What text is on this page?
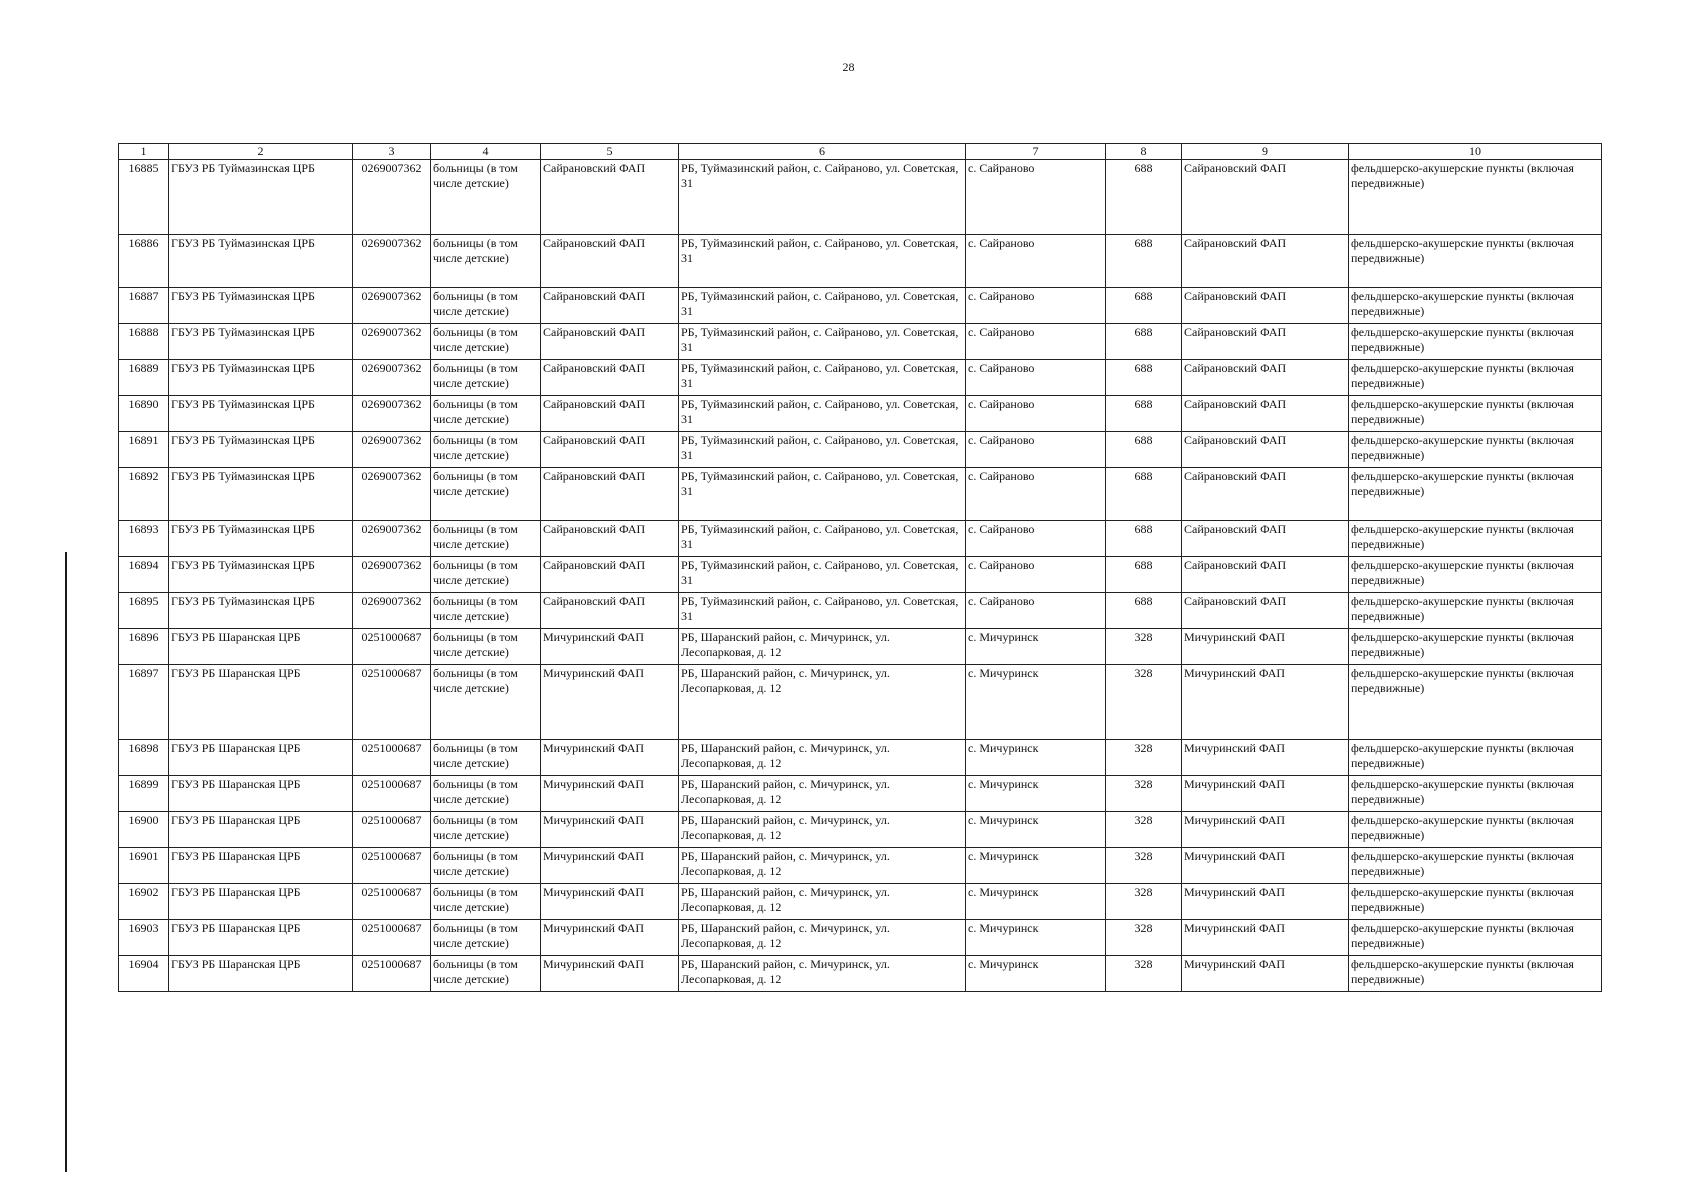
28
1	2	3	4	5	6	7	8	9	10
16885	ГБУЗ РБ Туймазинская ЦРБ	0269007362	больницы (в том числе детские)	Сайрановский ФАП	РБ, Туймазинский район, с. Сайраново, ул. Советская, 31	с. Сайраново	688	Сайрановский ФАП	фельдшерско-акушерские пункты (включая передвижные)
16886	ГБУЗ РБ Туймазинская ЦРБ	0269007362	больницы (в том числе детские)	Сайрановский ФАП	РБ, Туймазинский район, с. Сайраново, ул. Советская, 31	с. Сайраново	688	Сайрановский ФАП	фельдшерско-акушерские пункты (включая передвижные)
16887	ГБУЗ РБ Туймазинская ЦРБ	0269007362	больницы (в том числе детские)	Сайрановский ФАП	РБ, Туймазинский район, с. Сайраново, ул. Советская, 31	с. Сайраново	688	Сайрановский ФАП	фельдшерско-акушерские пункты (включая передвижные)
16888	ГБУЗ РБ Туймазинская ЦРБ	0269007362	больницы (в том числе детские)	Сайрановский ФАП	РБ, Туймазинский район, с. Сайраново, ул. Советская, 31	с. Сайраново	688	Сайрановский ФАП	фельдшерско-акушерские пункты (включая передвижные)
16889	ГБУЗ РБ Туймазинская ЦРБ	0269007362	больницы (в том числе детские)	Сайрановский ФАП	РБ, Туймазинский район, с. Сайраново, ул. Советская, 31	с. Сайраново	688	Сайрановский ФАП	фельдшерско-акушерские пункты (включая передвижные)
16890	ГБУЗ РБ Туймазинская ЦРБ	0269007362	больницы (в том числе детские)	Сайрановский ФАП	РБ, Туймазинский район, с. Сайраново, ул. Советская, 31	с. Сайраново	688	Сайрановский ФАП	фельдшерско-акушерские пункты (включая передвижные)
16891	ГБУЗ РБ Туймазинская ЦРБ	0269007362	больницы (в том числе детские)	Сайрановский ФАП	РБ, Туймазинский район, с. Сайраново, ул. Советская, 31	с. Сайраново	688	Сайрановский ФАП	фельдшерско-акушерские пункты (включая передвижные)
16892	ГБУЗ РБ Туймазинская ЦРБ	0269007362	больницы (в том числе детские)	Сайрановский ФАП	РБ, Туймазинский район, с. Сайраново, ул. Советская, 31	с. Сайраново	688	Сайрановский ФАП	фельдшерско-акушерские пункты (включая передвижные)
16893	ГБУЗ РБ Туймазинская ЦРБ	0269007362	больницы (в том числе детские)	Сайрановский ФАП	РБ, Туймазинский район, с. Сайраново, ул. Советская, 31	с. Сайраново	688	Сайрановский ФАП	фельдшерско-акушерские пункты (включая передвижные)
16894	ГБУЗ РБ Туймазинская ЦРБ	0269007362	больницы (в том числе детские)	Сайрановский ФАП	РБ, Туймазинский район, с. Сайраново, ул. Советская, 31	с. Сайраново	688	Сайрановский ФАП	фельдшерско-акушерские пункты (включая передвижные)
16895	ГБУЗ РБ Туймазинская ЦРБ	0269007362	больницы (в том числе детские)	Сайрановский ФАП	РБ, Туймазинский район, с. Сайраново, ул. Советская, 31	с. Сайраново	688	Сайрановский ФАП	фельдшерско-акушерские пункты (включая передвижные)
16896	ГБУЗ РБ Шаранская ЦРБ	0251000687	больницы (в том числе детские)	Мичуринский ФАП	РБ, Шаранский район, с. Мичуринск, ул. Лесопарковая, д. 12	с. Мичуринск	328	Мичуринский ФАП	фельдшерско-акушерские пункты (включая передвижные)
16897	ГБУЗ РБ Шаранская ЦРБ	0251000687	больницы (в том числе детские)	Мичуринский ФАП	РБ, Шаранский район, с. Мичуринск, ул. Лесопарковая, д. 12	с. Мичуринск	328	Мичуринский ФАП	фельдшерско-акушерские пункты (включая передвижные)
16898	ГБУЗ РБ Шаранская ЦРБ	0251000687	больницы (в том числе детские)	Мичуринский ФАП	РБ, Шаранский район, с. Мичуринск, ул. Лесопарковая, д. 12	с. Мичуринск	328	Мичуринский ФАП	фельдшерско-акушерские пункты (включая передвижные)
16899	ГБУЗ РБ Шаранская ЦРБ	0251000687	больницы (в том числе детские)	Мичуринский ФАП	РБ, Шаранский район, с. Мичуринск, ул. Лесопарковая, д. 12	с. Мичуринск	328	Мичуринский ФАП	фельдшерско-акушерские пункты (включая передвижные)
16900	ГБУЗ РБ Шаранская ЦРБ	0251000687	больницы (в том числе детские)	Мичуринский ФАП	РБ, Шаранский район, с. Мичуринск, ул. Лесопарковая, д. 12	с. Мичуринск	328	Мичуринский ФАП	фельдшерско-акушерские пункты (включая передвижные)
16901	ГБУЗ РБ Шаранская ЦРБ	0251000687	больницы (в том числе детские)	Мичуринский ФАП	РБ, Шаранский район, с. Мичуринск, ул. Лесопарковая, д. 12	с. Мичуринск	328	Мичуринский ФАП	фельдшерско-акушерские пункты (включая передвижные)
16902	ГБУЗ РБ Шаранская ЦРБ	0251000687	больницы (в том числе детские)	Мичуринский ФАП	РБ, Шаранский район, с. Мичуринск, ул. Лесопарковая, д. 12	с. Мичуринск	328	Мичуринский ФАП	фельдшерско-акушерские пункты (включая передвижные)
16903	ГБУЗ РБ Шаранская ЦРБ	0251000687	больницы (в том числе детские)	Мичуринский ФАП	РБ, Шаранский район, с. Мичуринск, ул. Лесопарковая, д. 12	с. Мичуринск	328	Мичуринский ФАП	фельдшерско-акушерские пункты (включая передвижные)
16904	ГБУЗ РБ Шаранская ЦРБ	0251000687	больницы (в том числе детские)	Мичуринский ФАП	РБ, Шаранский район, с. Мичуринск, ул. Лесопарковая, д. 12	с. Мичуринск	328	Мичуринский ФАП	фельдшерско-акушерские пункты (включая передвижные)
